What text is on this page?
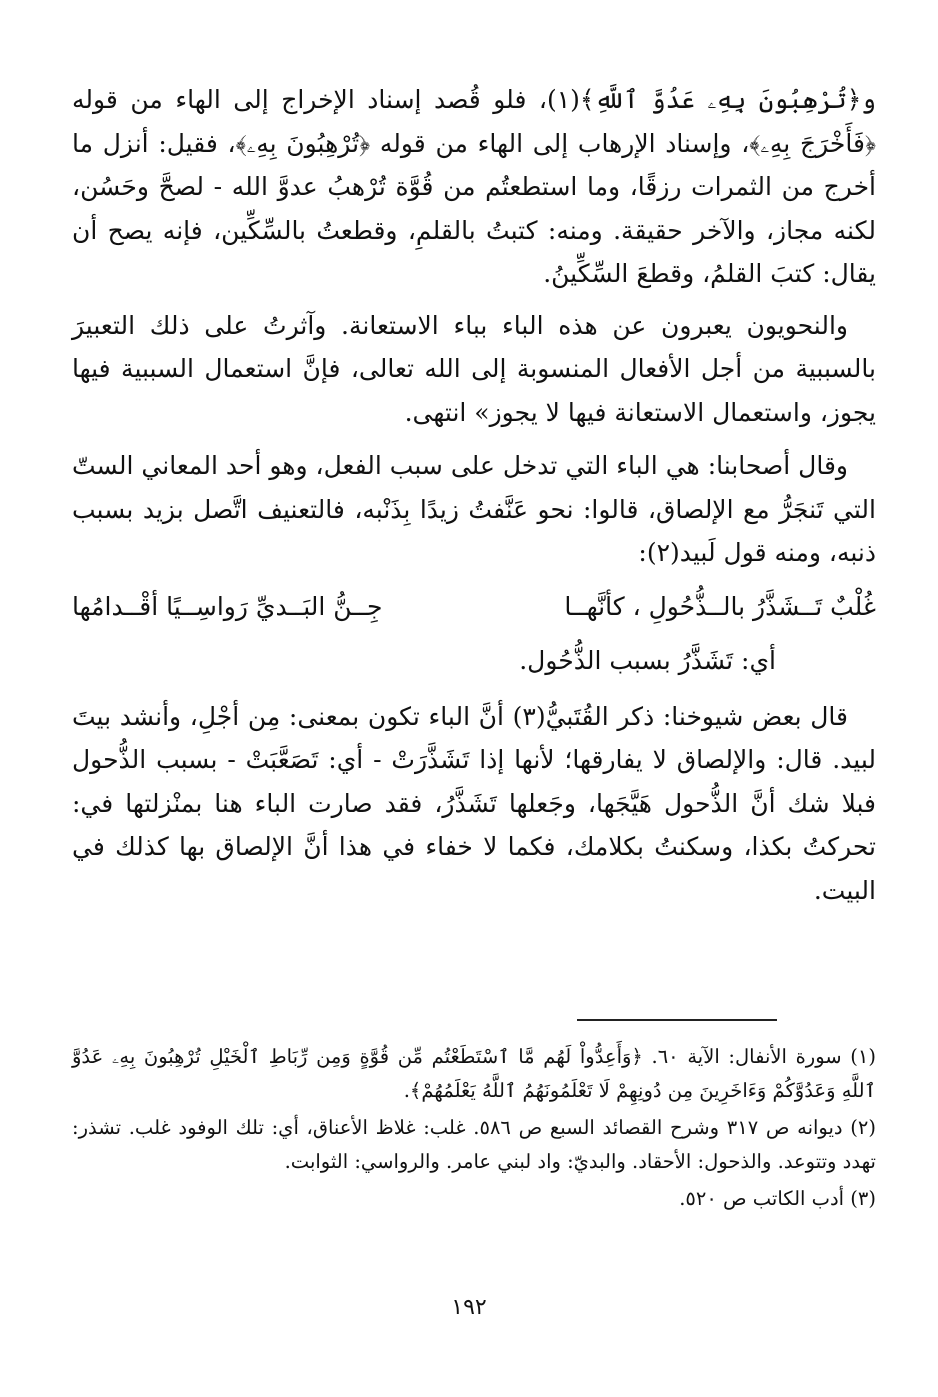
و﴿تُرْهِبُونَ بِهِۦ عَدُوَّ ٱللَّهِ﴾(١)، فلو قُصد إسناد الإخراج إلى الهاء من قوله ﴿فَأَخْرَجَ بِهِۦ﴾، وإسناد الإرهاب إلى الهاء من قوله ﴿تُرْهِبُونَ بِهِۦ﴾، فقيل: أنزل ما أخرج من الثمرات رزقًا، وما استطعتُم من قُوَّة تُرْهبُ عدوَّ الله - لصحَّ وحَسُن، لكنه مجاز، والآخر حقيقة. ومنه: كتبتُ بالقلمِ، وقطعتُ بالسِّكِّين، فإنه يصح أن يقال: كتبَ القلمُ، وقطعَ السِّكِّينُ.

والنحويون يعبرون عن هذه الباء بباء الاستعانة. وآثرتُ على ذلك التعبيرَ بالسببية من أجل الأفعال المنسوبة إلى الله تعالى، فإنَّ استعمال السببية فيها يجوز، واستعمال الاستعانة فيها لا يجوز» انتهى.

وقال أصحابنا: هي الباء التي تدخل على سبب الفعل، وهو أحد المعاني الستّ التي تَنجَرُّ مع الإلصاق، قالوا: نحو عَنَّفتُ زيدًا بِذَنْبه، فالتعنيف اتَّصل بزيد بسبب ذنبه، ومنه قول لَبيد(٢):

غُلْبٌ تَــشَذَّرُ بالــذُّحُولِ ، كأنَّهــا
جِــنُّ البَــديِّ رَواسِــيًا أقْــدامُها

أي: تَشَذَّرُ بسبب الذُّحُول.

قال بعض شيوخنا: ذكر القُتَبيُّ(٣) أنَّ الباء تكون بمعنى: مِن أجْلِ، وأنشد بيتَ لبيد. قال: والإلصاق لا يفارقها؛ لأنها إذا تَشَذَّرَتْ - أي: تَصَعَّبَتْ - بسبب الذُّحول فبلا شك أنَّ الذُّحول هَيَّجَها، وجَعلها تَشَذَّرُ، فقد صارت الباء هنا بمنْزلتها في: تحركتُ بكذا، وسكنتُ بكلامك، فكما لا خفاء في هذا أنَّ الإلصاق بها كذلك في البيت.

(١) سورة الأنفال: الآية ٦٠. ﴿وَأَعِدُّواْ لَهُم مَّا ٱسْتَطَعْتُم مِّن قُوَّةٍ وَمِن رِّبَاطِ ٱلْخَيْلِ تُرْهِبُونَ بِهِۦ عَدُوَّ ٱللَّهِ وَعَدُوَّكُمْ وَءَاخَرِينَ مِن دُونِهِمْ لَا تَعْلَمُونَهُمُ ٱللَّهُ يَعْلَمُهُمْ﴾.

(٢) ديوانه ص ٣١٧ وشرح القصائد السبع ص ٥٨٦. غلب: غلاظ الأعناق، أي: تلك الوفود غلب. تشذر: تهدد وتتوعد. والذحول: الأحقاد. والبديّ: واد لبني عامر. والرواسي: الثوابت.

(٣) أدب الكاتب ص ٥٢٠.

١٩٢
